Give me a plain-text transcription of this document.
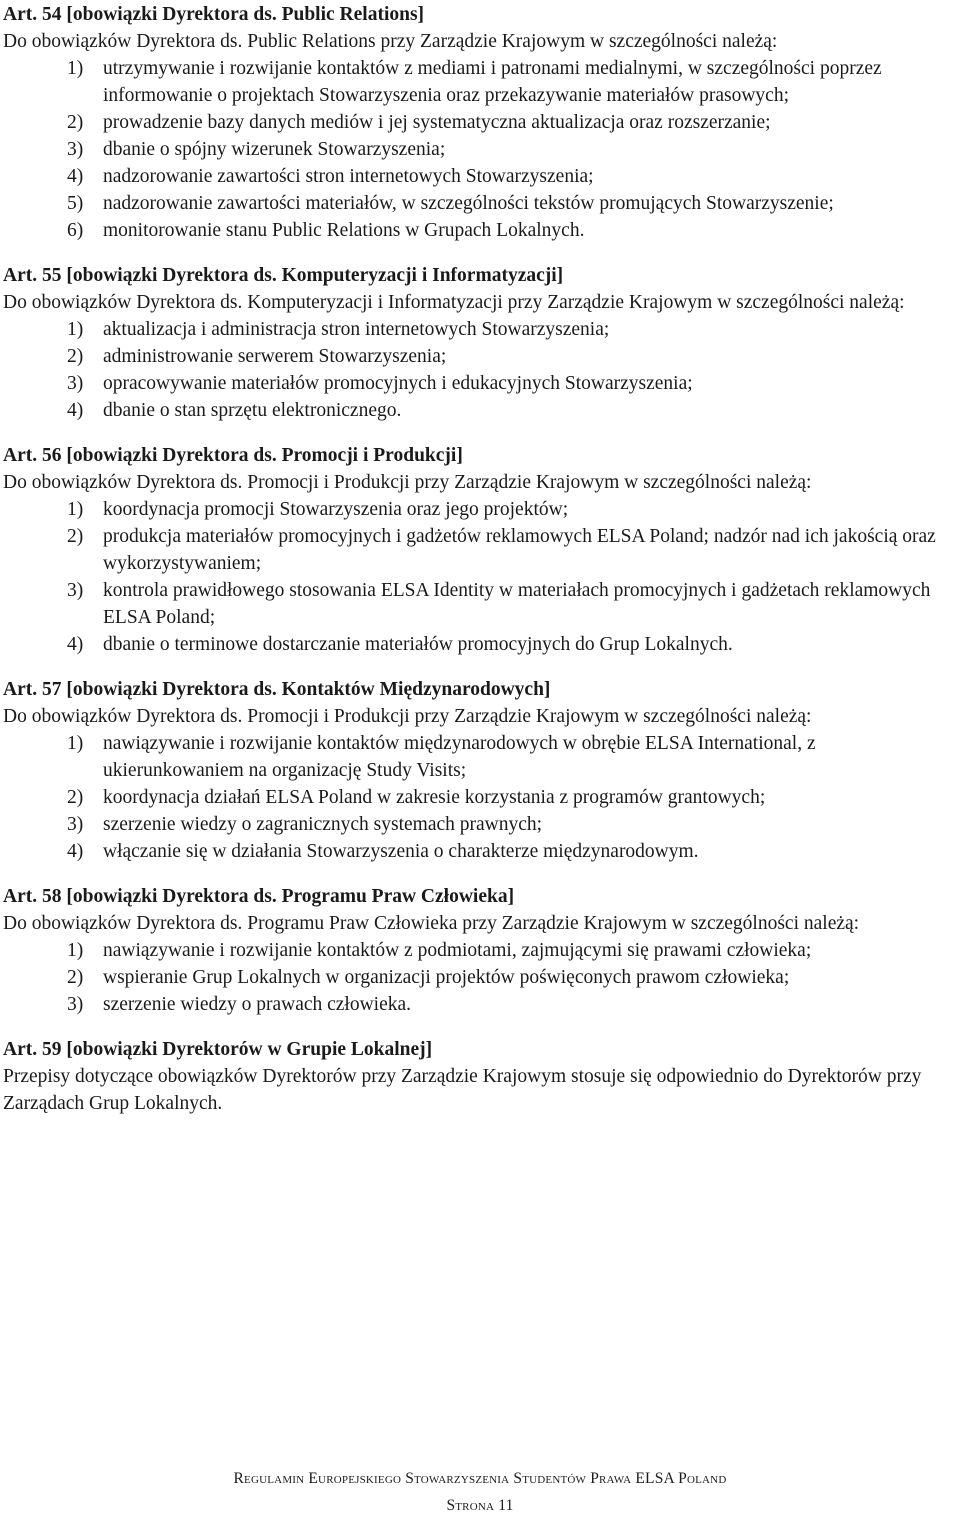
Art. 54 [obowiązki Dyrektora ds. Public Relations]
Do obowiązków Dyrektora ds. Public Relations przy Zarządzie Krajowym w szczególności należą:
1) utrzymywanie i rozwijanie kontaktów z mediami i patronami medialnymi, w szczególności poprzez informowanie o projektach Stowarzyszenia oraz przekazywanie materiałów prasowych;
2) prowadzenie bazy danych mediów i jej systematyczna aktualizacja oraz rozszerzanie;
3) dbanie o spójny wizerunek Stowarzyszenia;
4) nadzorowanie zawartości stron internetowych Stowarzyszenia;
5) nadzorowanie zawartości materiałów, w szczególności tekstów promujących Stowarzyszenie;
6) monitorowanie stanu Public Relations w Grupach Lokalnych.
Art. 55 [obowiązki Dyrektora ds. Komputeryzacji i Informatyzacji]
Do obowiązków Dyrektora ds. Komputeryzacji i Informatyzacji przy Zarządzie Krajowym w szczególności należą:
1) aktualizacja i administracja stron internetowych Stowarzyszenia;
2) administrowanie serwerem Stowarzyszenia;
3) opracowywanie materiałów promocyjnych i edukacyjnych Stowarzyszenia;
4) dbanie o stan sprzętu elektronicznego.
Art. 56 [obowiązki Dyrektora ds. Promocji i Produkcji]
Do obowiązków Dyrektora ds. Promocji i Produkcji przy Zarządzie Krajowym w szczególności należą:
1) koordynacja promocji Stowarzyszenia oraz jego projektów;
2) produkcja materiałów promocyjnych i gadżetów reklamowych ELSA Poland; nadzór nad ich jakością oraz wykorzystywaniem;
3) kontrola prawidłowego stosowania ELSA Identity w materiałach promocyjnych i gadżetach reklamowych ELSA Poland;
4) dbanie o terminowe dostarczanie materiałów promocyjnych do Grup Lokalnych.
Art. 57 [obowiązki Dyrektora ds. Kontaktów Międzynarodowych]
Do obowiązków Dyrektora ds. Promocji i Produkcji przy Zarządzie Krajowym w szczególności należą:
1) nawiązywanie i rozwijanie kontaktów międzynarodowych w obrębie ELSA International, z ukierunkowaniem na organizację Study Visits;
2) koordynacja działań ELSA Poland w zakresie korzystania z programów grantowych;
3) szerzenie wiedzy o zagranicznych systemach prawnych;
4) włączanie się w działania Stowarzyszenia o charakterze międzynarodowym.
Art. 58 [obowiązki Dyrektora ds. Programu Praw Człowieka]
Do obowiązków Dyrektora ds. Programu Praw Człowieka przy Zarządzie Krajowym w szczególności należą:
1) nawiązywanie i rozwijanie kontaktów z podmiotami, zajmującymi się prawami człowieka;
2) wspieranie Grup Lokalnych w organizacji projektów poświęconych prawom człowieka;
3) szerzenie wiedzy o prawach człowieka.
Art. 59 [obowiązki Dyrektorów w Grupie Lokalnej]
Przepisy dotyczące obowiązków Dyrektorów przy Zarządzie Krajowym stosuje się odpowiednio do Dyrektorów przy Zarządach Grup Lokalnych.
Regulamin Europejskiego Stowarzyszenia Studentów Prawa ELSA Poland
Strona 11
